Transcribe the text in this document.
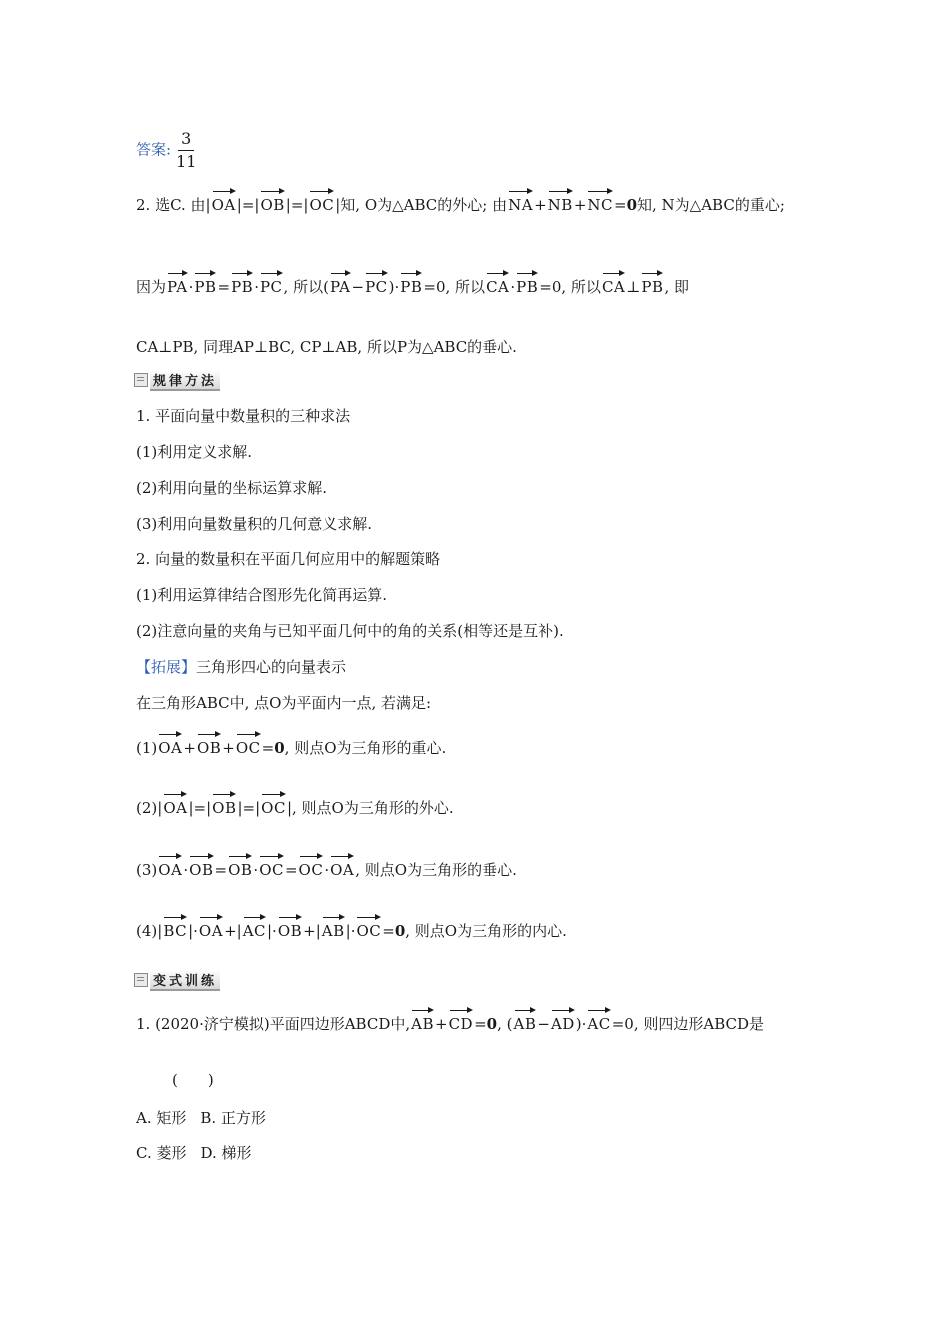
答案: $\frac{3}{11}$
2. 选C. 由|OA|=|OB|=|OC|知, O为△ABC的外心; 由NA+NB+NC=0知, N为△ABC的重心;
因为PA·PB=PB·PC, 所以(PA−PC)·PB=0, 所以CA·PB=0, 所以CA⊥PB, 即
CA⊥PB, 同理AP⊥BC, CP⊥AB, 所以P为△ABC的垂心.
规律方法
1. 平面向量中数量积的三种求法
(1)利用定义求解.
(2)利用向量的坐标运算求解.
(3)利用向量数量积的几何意义求解.
2. 向量的数量积在平面几何应用中的解题策略
(1)利用运算律结合图形先化简再运算.
(2)注意向量的夹角与已知平面几何中的角的关系(相等还是互补).
【拓展】三角形四心的向量表示
在三角形ABC中, 点O为平面内一点, 若满足:
(1)OA+OB+OC=0, 则点O为三角形的重心.
(2)|OA|=|OB|=|OC|, 则点O为三角形的外心.
(3)OA·OB=OB·OC=OC·OA, 则点O为三角形的垂心.
(4)|BC|·OA+|AC|·OB+|AB|·OC=0, 则点O为三角形的内心.
变式训练
1. (2020·济宁模拟)平面四边形ABCD中,AB+CD=0, (AB−AD)·AC=0, 则四边形ABCD是
(　　)
A. 矩形 B. 正方形
C. 菱形 D. 梯形
